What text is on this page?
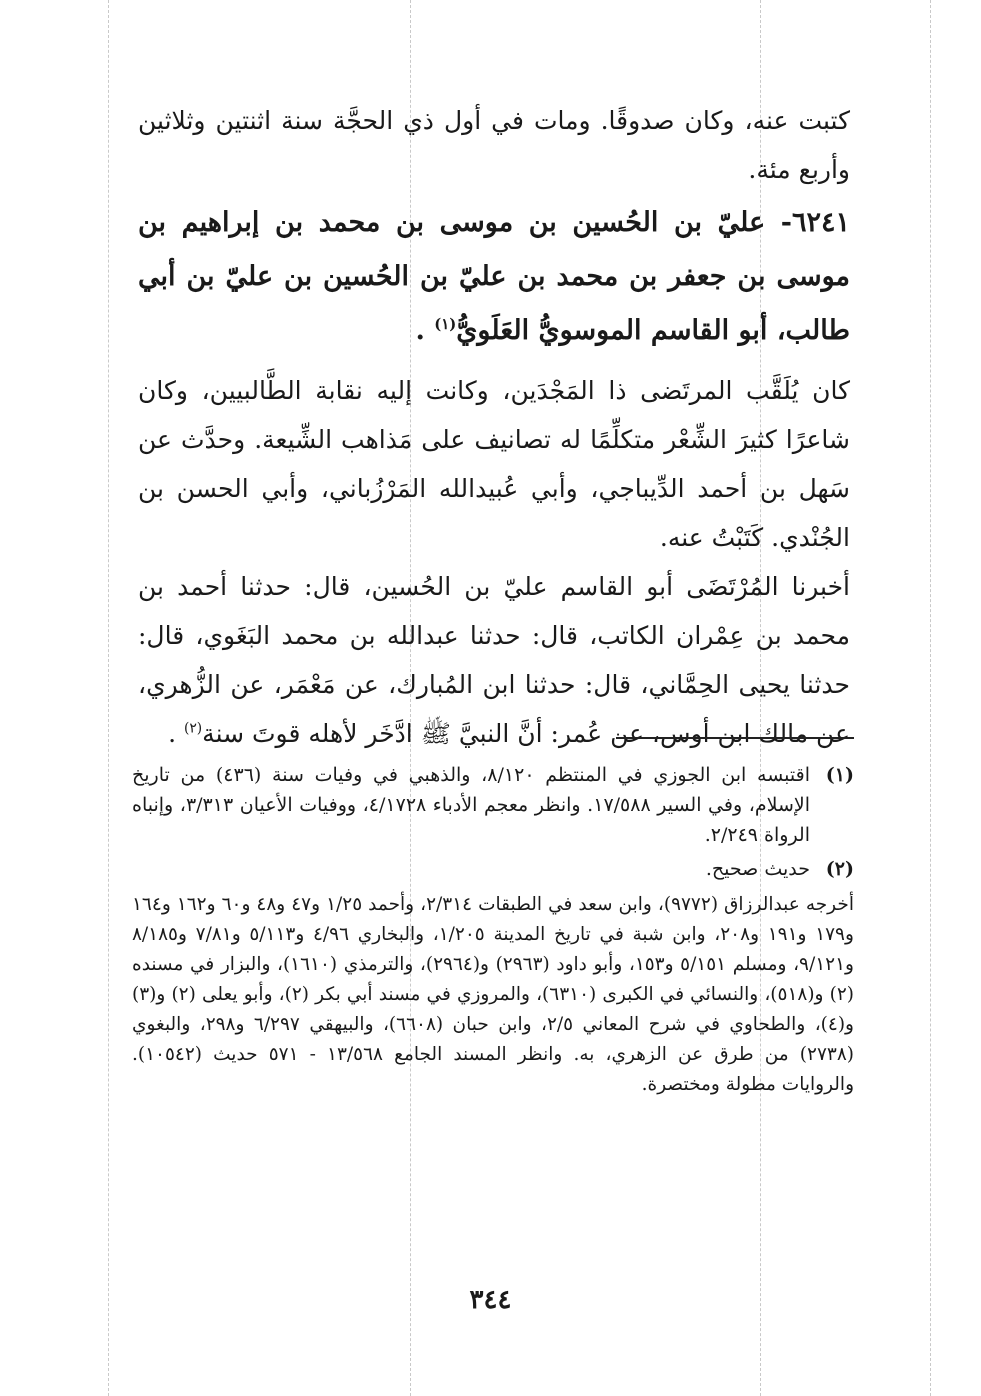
كتبت عنه، وكان صدوقًا. ومات في أول ذي الحجَّة سنة اثنتين وثلاثين وأربع مئة.
٦٢٤١- عليّ بن الحُسين بن موسى بن محمد بن إبراهيم بن موسى بن جعفر بن محمد بن عليّ بن الحُسين بن عليّ بن أبي طالب، أبو القاسم الموسويُّ العَلَويُّ$^{(١)}$ .
كان يُلَقَّب المرتَضى ذا المَجْدَين، وكانت إليه نقابة الطَّالبيين، وكان شاعرًا كثيرَ الشِّعْر متكلِّمًا له تصانيف على مَذاهب الشِّيعة. وحدَّث عن سَهل بن أحمد الدِّيباجي، وأبي عُبيدالله المَرْزُباني، وأبي الحسن بن الجُنْدي. كَتَبْتُ عنه.
أخبرنا المُرْتَضَى أبو القاسم عليّ بن الحُسين، قال: حدثنا أحمد بن محمد بن عِمْران الكاتب، قال: حدثنا عبدالله بن محمد البَغَوي، قال: حدثنا يحيى الحِمَّاني، قال: حدثنا ابن المُبارك، عن مَعْمَر، عن الزُّهري، عن مالك ابن أوس، عن عُمر: أنَّ النبيَّ ﷺ ادَّخَر لأهله قوتَ سنة$^{(٢)}$ .
(١)
اقتبسه ابن الجوزي في المنتظم ٨/١٢٠، والذهبي في وفيات سنة (٤٣٦) من تاريخ الإسلام، وفي السير ١٧/٥٨٨. وانظر معجم الأدباء ٤/١٧٢٨، ووفيات الأعيان ٣/٣١٣، وإنباه الرواة ٢/٢٤٩.
(٢)
حديث صحيح.
أخرجه عبدالرزاق (٩٧٧٢)، وابن سعد في الطبقات ٢/٣١٤، وأحمد ١/٢٥ و٤٧ و٤٨ و٦٠ و١٦٢ و١٦٤ و١٧٩ و١٩١ و٢٠٨، وابن شبة في تاريخ المدينة ١/٢٠٥، والبخاري ٤/٩٦ و٥/١١٣ و٧/٨١ و٨/١٨٥ و٩/١٢١، ومسلم ٥/١٥١ و١٥٣، وأبو داود (٢٩٦٣) و(٢٩٦٤)، والترمذي (١٦١٠)، والبزار في مسنده (٢) و(٥١٨)، والنسائي في الكبرى (٦٣١٠)، والمروزي في مسند أبي بكر (٢)، وأبو يعلى (٢) و(٣) و(٤)، والطحاوي في شرح المعاني ٢/٥، وابن حبان (٦٦٠٨)، والبيهقي ٦/٢٩٧ و٢٩٨، والبغوي (٢٧٣٨) من طرق عن الزهري، به. وانظر المسند الجامع ١٣/٥٦٨ - ٥٧١ حديث (١٠٥٤٢). والروايات مطولة ومختصرة.
٣٤٤
